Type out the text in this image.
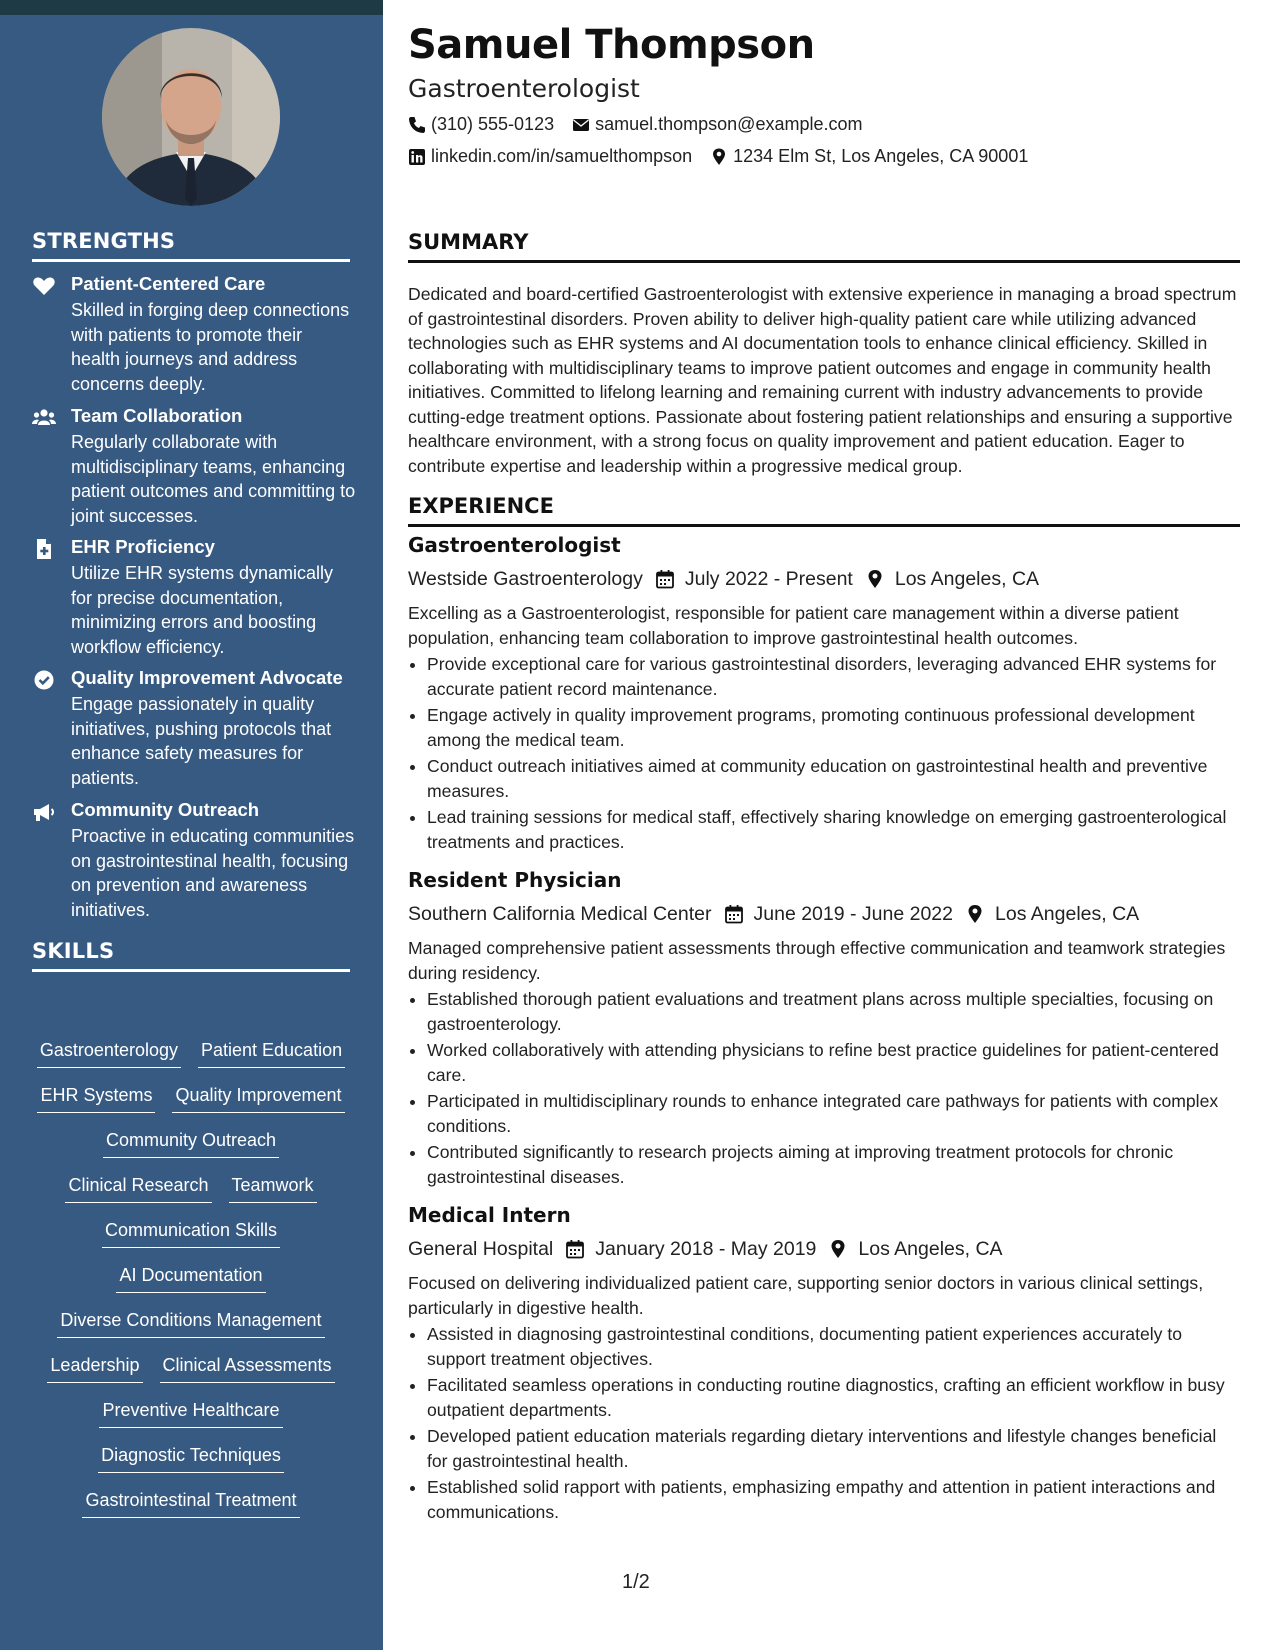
STRENGTHS
Patient-Centered Care
Skilled in forging deep connections with patients to promote their health journeys and address concerns deeply.
Team Collaboration
Regularly collaborate with multidisciplinary teams, enhancing patient outcomes and committing to joint successes.
EHR Proficiency
Utilize EHR systems dynamically for precise documentation, minimizing errors and boosting workflow efficiency.
Quality Improvement Advocate
Engage passionately in quality initiatives, pushing protocols that enhance safety measures for patients.
Community Outreach
Proactive in educating communities on gastrointestinal health, focusing on prevention and awareness initiatives.
SKILLS
Gastroenterology Patient Education
EHR Systems Quality Improvement
Community Outreach
Clinical Research Teamwork
Communication Skills
AI Documentation
Diverse Conditions Management
Leadership Clinical Assessments
Preventive Healthcare
Diagnostic Techniques
Gastrointestinal Treatment
Samuel Thompson
Gastroenterologist
(310) 555-0123 samuel.thompson@example.com
linkedin.com/in/samuelthompson 1234 Elm St, Los Angeles, CA 90001
SUMMARY
Dedicated and board-certified Gastroenterologist with extensive experience in managing a broad spectrum of gastrointestinal disorders. Proven ability to deliver high-quality patient care while utilizing advanced technologies such as EHR systems and AI documentation tools to enhance clinical efficiency. Skilled in collaborating with multidisciplinary teams to improve patient outcomes and engage in community health initiatives. Committed to lifelong learning and remaining current with industry advancements to provide cutting-edge treatment options. Passionate about fostering patient relationships and ensuring a supportive healthcare environment, with a strong focus on quality improvement and patient education. Eager to contribute expertise and leadership within a progressive medical group.
EXPERIENCE
Gastroenterologist
Westside Gastroenterology July 2022 - Present Los Angeles, CA
Excelling as a Gastroenterologist, responsible for patient care management within a diverse patient population, enhancing team collaboration to improve gastrointestinal health outcomes.
• Provide exceptional care for various gastrointestinal disorders, leveraging advanced EHR systems for accurate patient record maintenance.
• Engage actively in quality improvement programs, promoting continuous professional development among the medical team.
• Conduct outreach initiatives aimed at community education on gastrointestinal health and preventive measures.
• Lead training sessions for medical staff, effectively sharing knowledge on emerging gastroenterological treatments and practices.
Resident Physician
Southern California Medical Center June 2019 - June 2022 Los Angeles, CA
Managed comprehensive patient assessments through effective communication and teamwork strategies during residency.
• Established thorough patient evaluations and treatment plans across multiple specialties, focusing on gastroenterology.
• Worked collaboratively with attending physicians to refine best practice guidelines for patient-centered care.
• Participated in multidisciplinary rounds to enhance integrated care pathways for patients with complex conditions.
• Contributed significantly to research projects aiming at improving treatment protocols for chronic gastrointestinal diseases.
Medical Intern
General Hospital January 2018 - May 2019 Los Angeles, CA
Focused on delivering individualized patient care, supporting senior doctors in various clinical settings, particularly in digestive health.
• Assisted in diagnosing gastrointestinal conditions, documenting patient experiences accurately to support treatment objectives.
• Facilitated seamless operations in conducting routine diagnostics, crafting an efficient workflow in busy outpatient departments.
• Developed patient education materials regarding dietary interventions and lifestyle changes beneficial for gastrointestinal health.
• Established solid rapport with patients, emphasizing empathy and attention in patient interactions and communications.
1/2
